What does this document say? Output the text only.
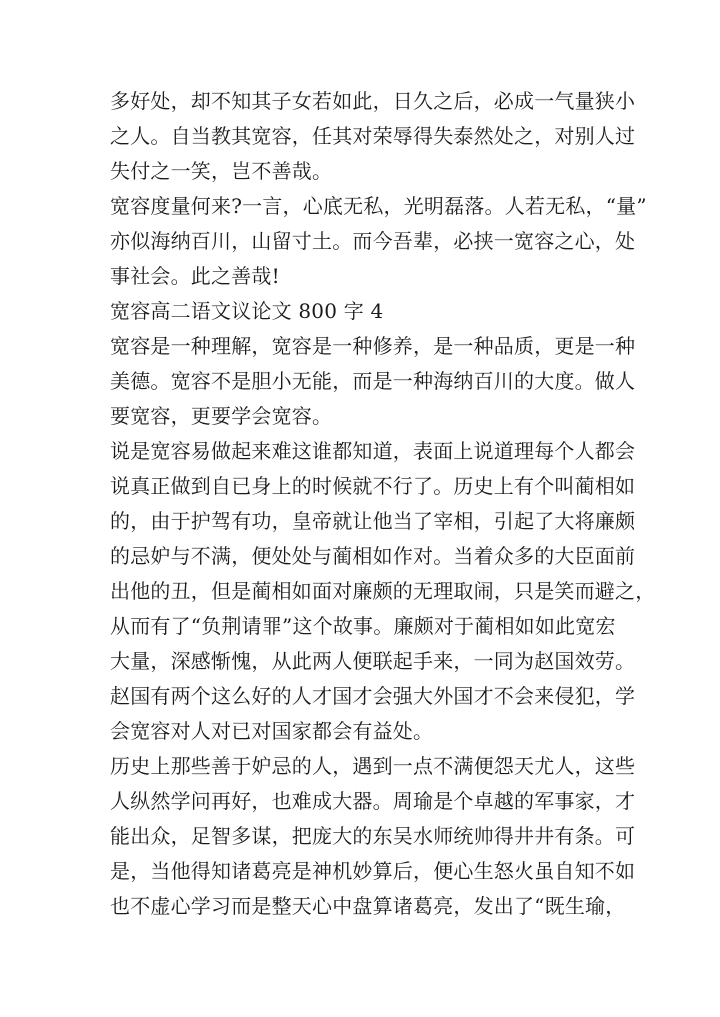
多好处，却不知其子女若如此，日久之后，必成一气量狭小
之人。自当教其宽容，任其对荣辱得失泰然处之，对别人过
失付之一笑，岂不善哉。
宽容度量何来?一言，心底无私，光明磊落。人若无私，“量”
亦似海纳百川，山留寸土。而今吾辈，必挟一宽容之心，处
事社会。此之善哉!
宽容高二语文议论文 800 字 4
宽容是一种理解，宽容是一种修养，是一种品质，更是一种
美德。宽容不是胆小无能，而是一种海纳百川的大度。做人
要宽容，更要学会宽容。
说是宽容易做起来难这谁都知道，表面上说道理每个人都会
说真正做到自已身上的时候就不行了。历史上有个叫蔺相如
的，由于护驾有功，皇帝就让他当了宰相，引起了大将廉颇
的忌妒与不满，便处处与蔺相如作对。当着众多的大臣面前
出他的丑，但是蔺相如面对廉颇的无理取闹，只是笑而避之，
从而有了“负荆请罪”这个故事。廉颇对于蔺相如如此宽宏
大量，深感惭愧，从此两人便联起手来，一同为赵国效劳。
赵国有两个这么好的人才国才会强大外国才不会来侵犯，学
会宽容对人对已对国家都会有益处。
历史上那些善于妒忌的人，遇到一点不满便怨天尤人，这些
人纵然学问再好，也难成大器。周瑜是个卓越的军事家，才
能出众，足智多谋，把庞大的东吴水师统帅得井井有条。可
是，当他得知诸葛亮是神机妙算后，便心生怒火虽自知不如
也不虚心学习而是整天心中盘算诸葛亮，发出了“既生瑜，
